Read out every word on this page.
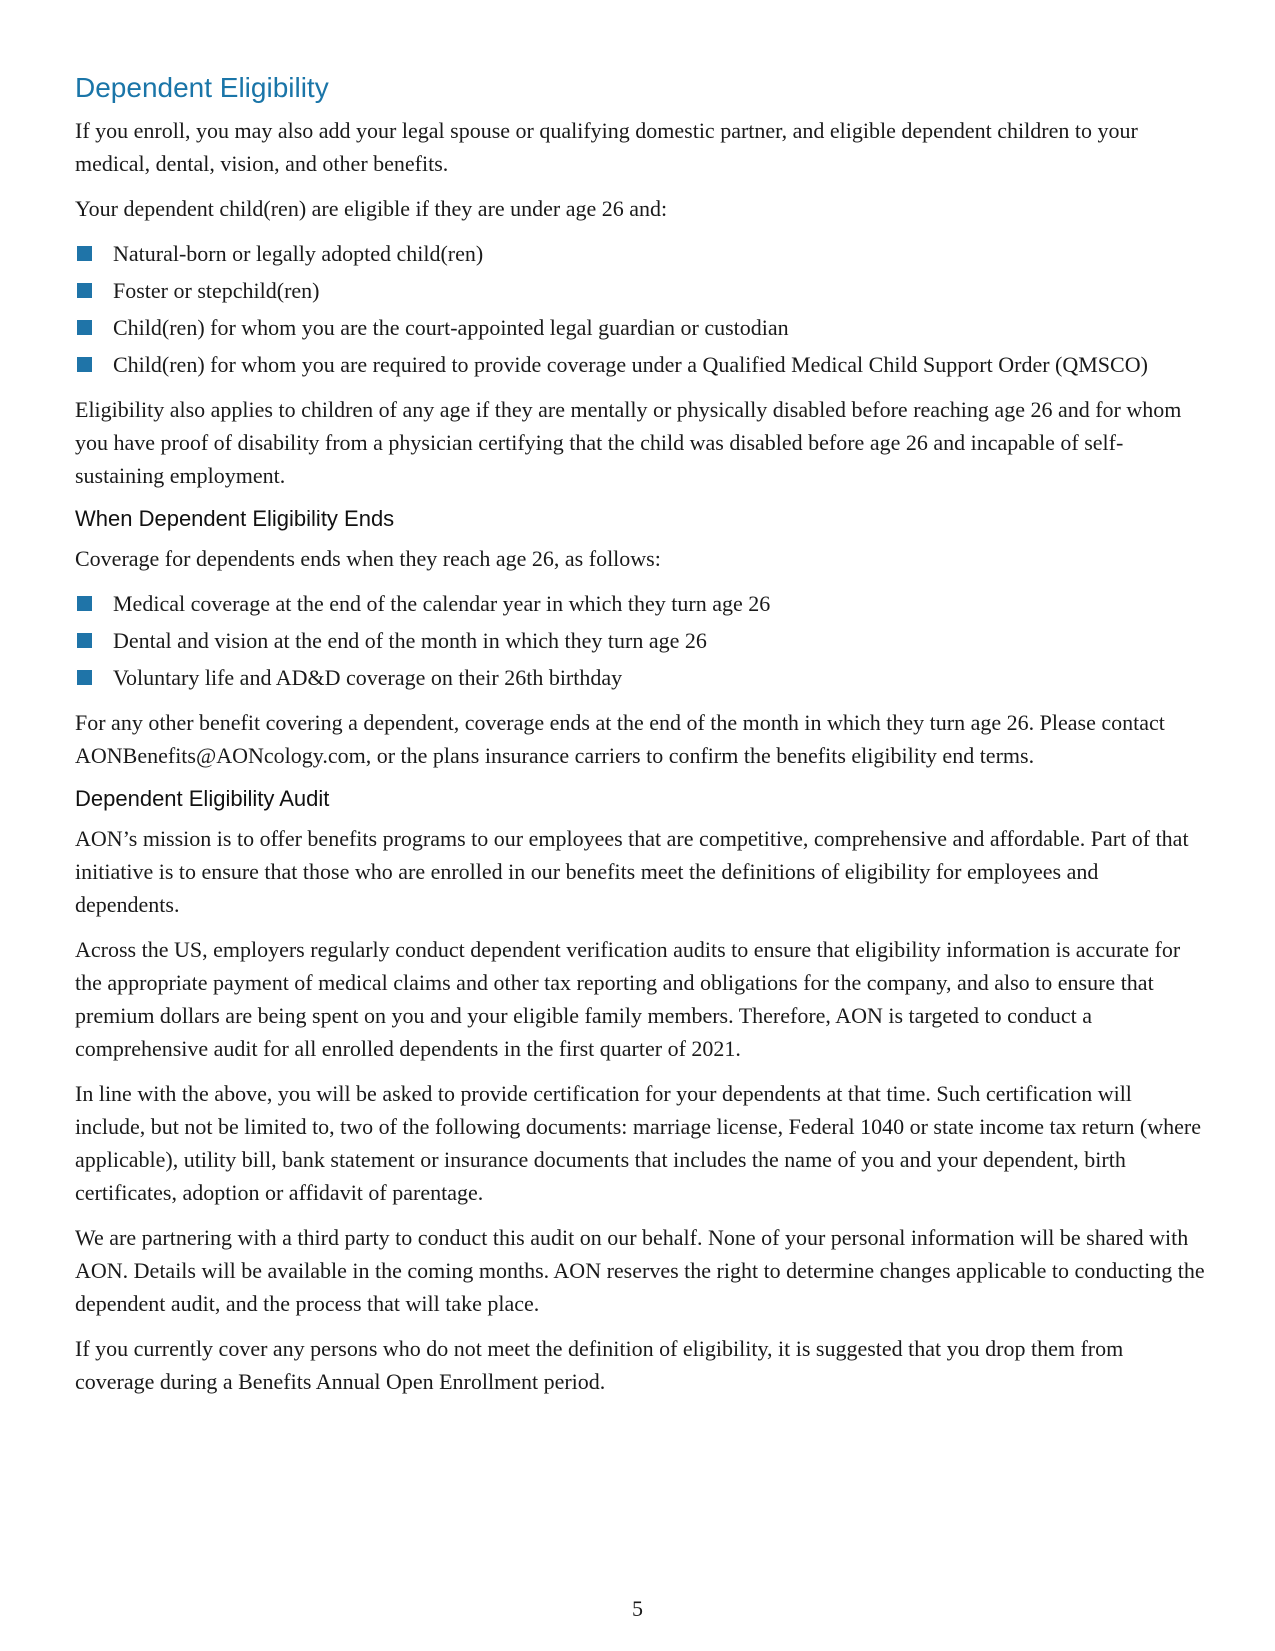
Dependent Eligibility

If you enroll, you may also add your legal spouse or qualifying domestic partner, and eligible dependent children to your medical, dental, vision, and other benefits.

Your dependent child(ren) are eligible if they are under age 26 and:

Natural-born or legally adopted child(ren)
Foster or stepchild(ren)
Child(ren) for whom you are the court-appointed legal guardian or custodian
Child(ren) for whom you are required to provide coverage under a Qualified Medical Child Support Order (QMSCO)

Eligibility also applies to children of any age if they are mentally or physically disabled before reaching age 26 and for whom you have proof of disability from a physician certifying that the child was disabled before age 26 and incapable of self-sustaining employment.

When Dependent Eligibility Ends

Coverage for dependents ends when they reach age 26, as follows:

Medical coverage at the end of the calendar year in which they turn age 26
Dental and vision at the end of the month in which they turn age 26
Voluntary life and AD&D coverage on their 26th birthday

For any other benefit covering a dependent, coverage ends at the end of the month in which they turn age 26. Please contact AONBenefits@AONcology.com, or the plans insurance carriers to confirm the benefits eligibility end terms.

Dependent Eligibility Audit

AON’s mission is to offer benefits programs to our employees that are competitive, comprehensive and affordable. Part of that initiative is to ensure that those who are enrolled in our benefits meet the definitions of eligibility for employees and dependents.

Across the US, employers regularly conduct dependent verification audits to ensure that eligibility information is accurate for the appropriate payment of medical claims and other tax reporting and obligations for the company, and also to ensure that premium dollars are being spent on you and your eligible family members. Therefore, AON is targeted to conduct a comprehensive audit for all enrolled dependents in the first quarter of 2021.

In line with the above, you will be asked to provide certification for your dependents at that time. Such certification will include, but not be limited to, two of the following documents: marriage license, Federal 1040 or state income tax return (where applicable), utility bill, bank statement or insurance documents that includes the name of you and your dependent, birth certificates, adoption or affidavit of parentage.

We are partnering with a third party to conduct this audit on our behalf. None of your personal information will be shared with AON. Details will be available in the coming months. AON reserves the right to determine changes applicable to conducting the dependent audit, and the process that will take place.

If you currently cover any persons who do not meet the definition of eligibility, it is suggested that you drop them from coverage during a Benefits Annual Open Enrollment period.

5
